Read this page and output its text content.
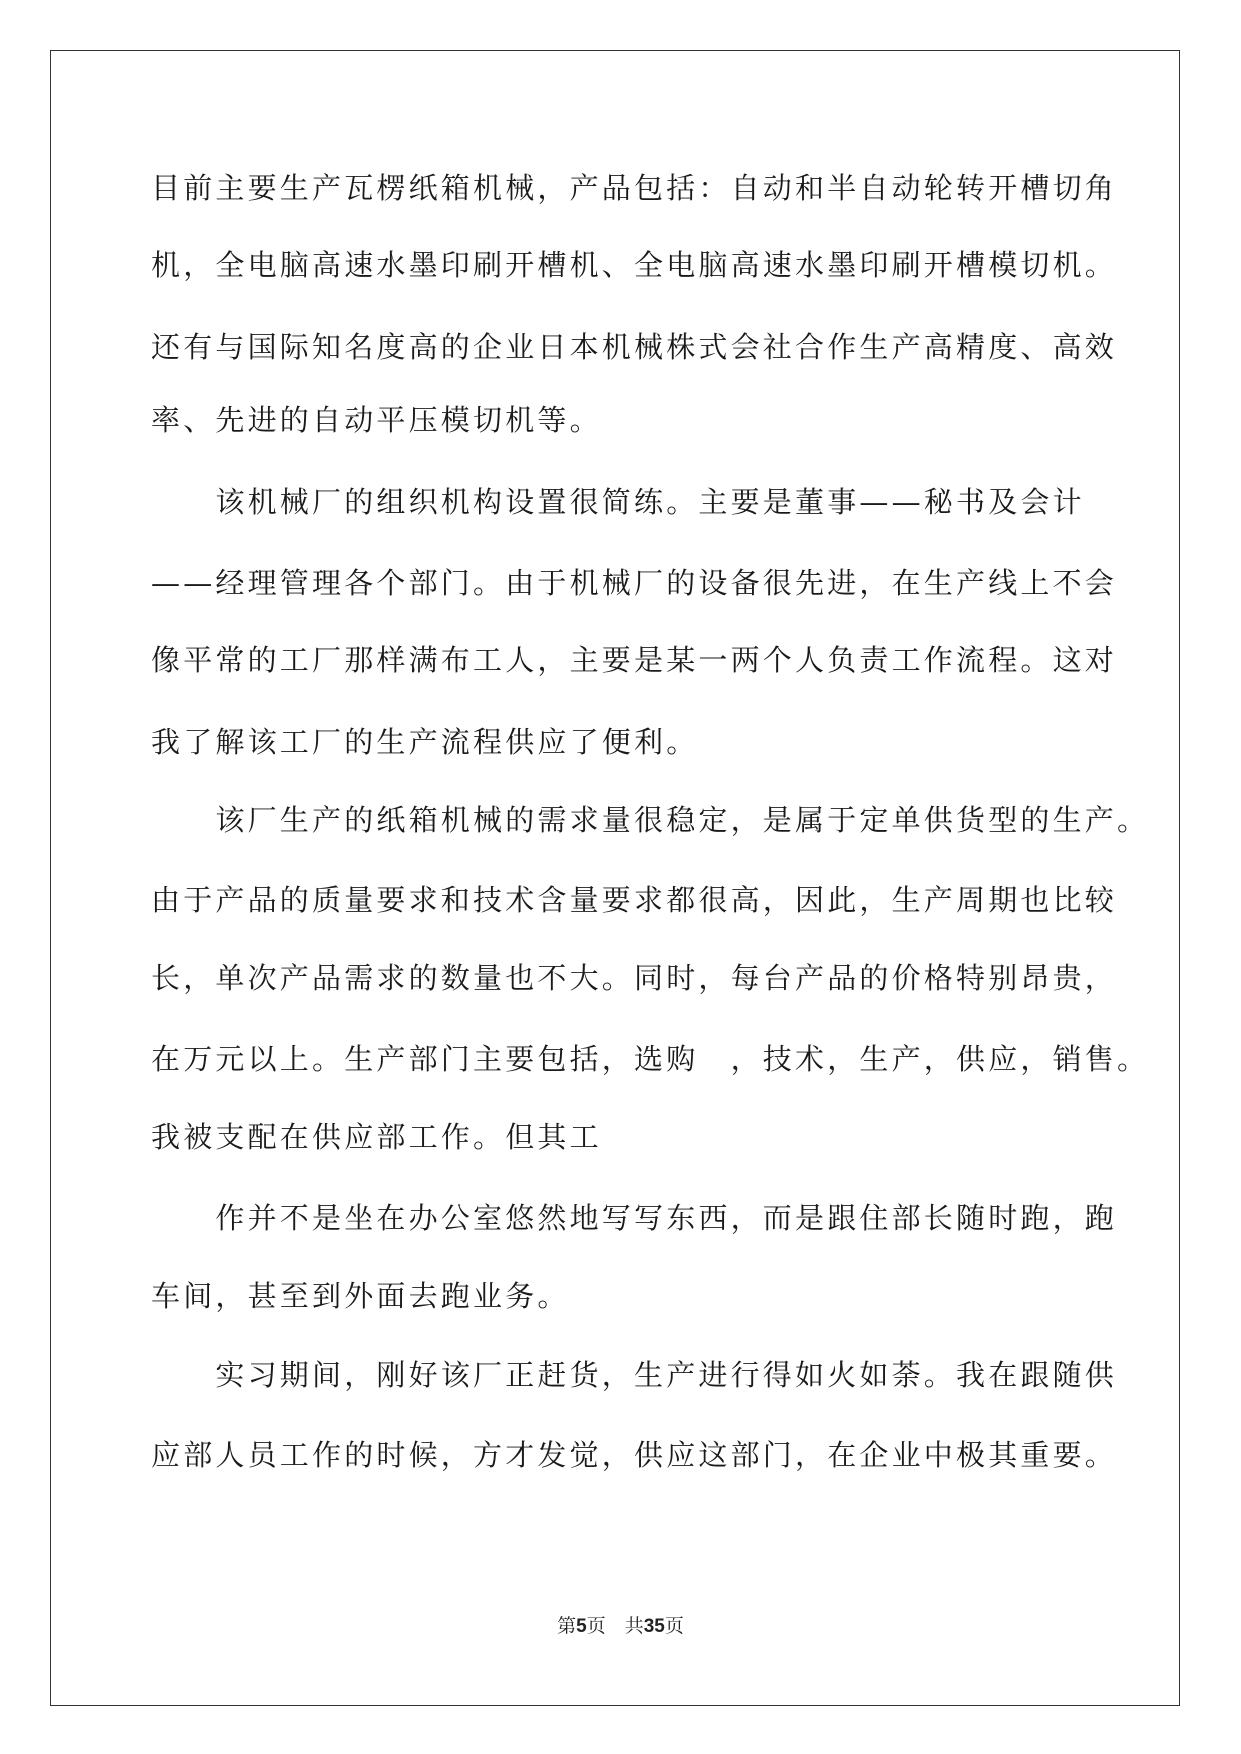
目前主要生产瓦楞纸箱机械，产品包括：自动和半自动轮转开槽切角
机，全电脑高速水墨印刷开槽机、全电脑高速水墨印刷开槽模切机。
还有与国际知名度高的企业日本机械株式会社合作生产高精度、高效
率、先进的自动平压模切机等。
　　该机械厂的组织机构设置很简练。主要是董事——秘书及会计
——经理管理各个部门。由于机械厂的设备很先进，在生产线上不会
像平常的工厂那样满布工人，主要是某一两个人负责工作流程。这对
我了解该工厂的生产流程供应了便利。
　　该厂生产的纸箱机械的需求量很稳定，是属于定单供货型的生产。
由于产品的质量要求和技术含量要求都很高，因此，生产周期也比较
长，单次产品需求的数量也不大。同时，每台产品的价格特别昂贵，
在万元以上。生产部门主要包括，选购　，技术，生产，供应，销售。
我被支配在供应部工作。但其工
　　作并不是坐在办公室悠然地写写东西，而是跟住部长随时跑，跑
车间，甚至到外面去跑业务。
　　实习期间，刚好该厂正赶货，生产进行得如火如荼。我在跟随供
应部人员工作的时候，方才发觉，供应这部门，在企业中极其重要。
第5页　共35页
